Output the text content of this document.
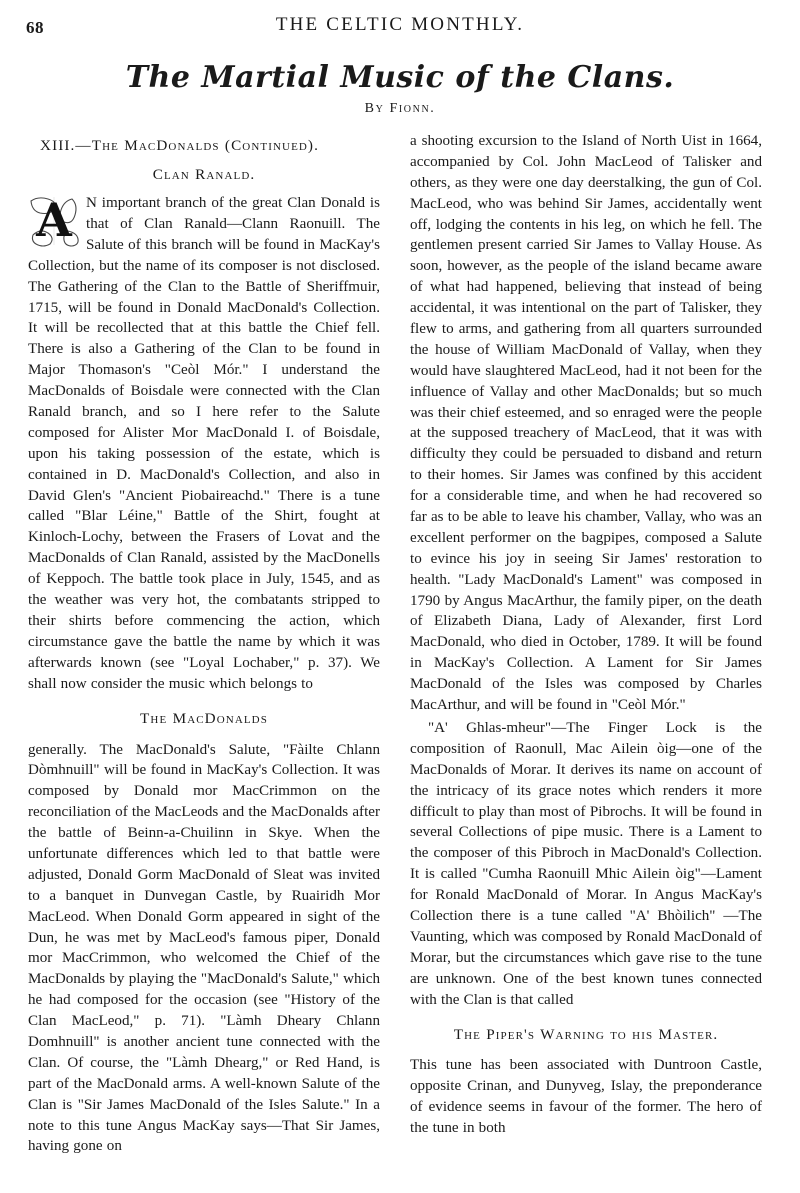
68	THE CELTIC MONTHLY.
The Martial Music of the Clans.
By Fionn.
XIII.—The MacDonalds (Continued).
Clan Ranald.
A N important branch of the great Clan Donald is that of Clan Ranald—Clann Raonuill. The Salute of this branch will be found in MacKay's Collection, but the name of its composer is not disclosed. The Gathering of the Clan to the Battle of Sheriffmuir, 1715, will be found in Donald MacDonald's Collection. It will be recollected that at this battle the Chief fell. There is also a Gathering of the Clan to be found in Major Thomason's "Ceòl Mór." I understand the MacDonalds of Boisdale were connected with the Clan Ranald branch, and so I here refer to the Salute composed for Alister Mor MacDonald I. of Boisdale, upon his taking possession of the estate, which is contained in D. MacDonald's Collection, and also in David Glen's "Ancient Piobaireachd." There is a tune called "Blar Léine," Battle of the Shirt, fought at Kinloch-Lochy, between the Frasers of Lovat and the MacDonalds of Clan Ranald, assisted by the MacDonells of Keppoch. The battle took place in July, 1545, and as the weather was very hot, the combatants stripped to their shirts before commencing the action, which circumstance gave the battle the name by which it was afterwards known (see "Loyal Lochaber," p. 37). We shall now consider the music which belongs to

The MacDonalds

generally. The MacDonald's Salute, "Fàilte Chlann Dòmhnuill" will be found in MacKay's Collection. It was composed by Donald mor MacCrimmon on the reconciliation of the MacLeods and the MacDonalds after the battle of Beinn-a-Chuilinn in Skye. When the unfortunate differences which led to that battle were adjusted, Donald Gorm MacDonald of Sleat was invited to a banquet in Dunvegan Castle, by Ruairidh Mor MacLeod. When Donald Gorm appeared in sight of the Dun, he was met by MacLeod's famous piper, Donald mor MacCrimmon, who welcomed the Chief of the MacDonalds by playing the "MacDonald's Salute," which he had composed for the occasion (see "History of the Clan MacLeod," p. 71). "Làmh Dheary Chlann Domhnuill" is another ancient tune connected with the Clan. Of course, the "Làmh Dhearg," or Red Hand, is part of the MacDonald arms. A well-known Salute of the Clan is "Sir James MacDonald of the Isles Salute." In a note to this tune Angus MacKay says—That Sir James, having gone on

a shooting excursion to the Island of North Uist in 1664, accompanied by Col. John MacLeod of Talisker and others, as they were one day deerstalking, the gun of Col. MacLeod, who was behind Sir James, accidentally went off, lodging the contents in his leg, on which he fell. The gentlemen present carried Sir James to Vallay House. As soon, however, as the people of the island became aware of what had happened, believing that instead of being accidental, it was intentional on the part of Talisker, they flew to arms, and gathering from all quarters surrounded the house of William MacDonald of Vallay, when they would have slaughtered MacLeod, had it not been for the influence of Vallay and other MacDonalds; but so much was their chief esteemed, and so enraged were the people at the supposed treachery of MacLeod, that it was with difficulty they could be persuaded to disband and return to their homes. Sir James was confined by this accident for a considerable time, and when he had recovered so far as to be able to leave his chamber, Vallay, who was an excellent performer on the bagpipes, composed a Salute to evince his joy in seeing Sir James' restoration to health. "Lady MacDonald's Lament" was composed in 1790 by Angus MacArthur, the family piper, on the death of Elizabeth Diana, Lady of Alexander, first Lord MacDonald, who died in October, 1789. It will be found in MacKay's Collection. A Lament for Sir James MacDonald of the Isles was composed by Charles MacArthur, and will be found in "Ceòl Mór."

"A' Ghlas-mheur"—The Finger Lock is the composition of Raonull, Mac Ailein òig—one of the MacDonalds of Morar. It derives its name on account of the intricacy of its grace notes which renders it more difficult to play than most of Pibrochs. It will be found in several Collections of pipe music. There is a Lament to the composer of this Pibroch in MacDonald's Collection. It is called "Cumha Raonuill Mhic Ailein òig"—Lament for Ronald MacDonald of Morar. In Angus MacKay's Collection there is a tune called "A' Bhòilich" —The Vaunting, which was composed by Ronald MacDonald of Morar, but the circumstances which gave rise to the tune are unknown. One of the best known tunes connected with the Clan is that called

The Piper's Warning to his Master.

This tune has been associated with Duntroon Castle, opposite Crinan, and Dunyveg, Islay, the preponderance of evidence seems in favour of the former. The hero of the tune in both
